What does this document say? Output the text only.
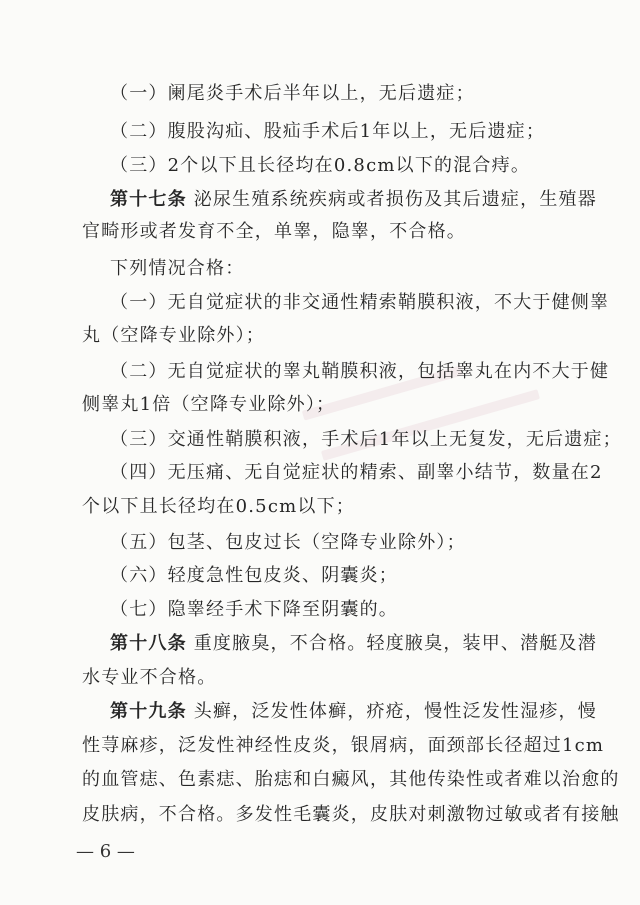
（一）阑尾炎手术后半年以上，无后遗症；
（二）腹股沟疝、股疝手术后1年以上，无后遗症；
（三）2个以下且长径均在0.8cm以下的混合痔。
第十七条 泌尿生殖系统疾病或者损伤及其后遗症，生殖器
官畸形或者发育不全，单睾，隐睾，不合格。
下列情况合格：
（一）无自觉症状的非交通性精索鞘膜积液，不大于健侧睾
丸（空降专业除外）；
（二）无自觉症状的睾丸鞘膜积液，包括睾丸在内不大于健
侧睾丸1倍（空降专业除外）；
（三）交通性鞘膜积液，手术后1年以上无复发，无后遗症；
（四）无压痛、无自觉症状的精索、副睾小结节，数量在2
个以下且长径均在0.5cm以下；
（五）包茎、包皮过长（空降专业除外）；
（六）轻度急性包皮炎、阴囊炎；
（七）隐睾经手术下降至阴囊的。
第十八条 重度腋臭，不合格。轻度腋臭，装甲、潜艇及潜
水专业不合格。
第十九条 头癣，泛发性体癣，疥疮，慢性泛发性湿疹，慢
性荨麻疹，泛发性神经性皮炎，银屑病，面颈部长径超过1cm
的血管痣、色素痣、胎痣和白癜风，其他传染性或者难以治愈的
皮肤病，不合格。多发性毛囊炎，皮肤对刺激物过敏或者有接触
— 6 —
